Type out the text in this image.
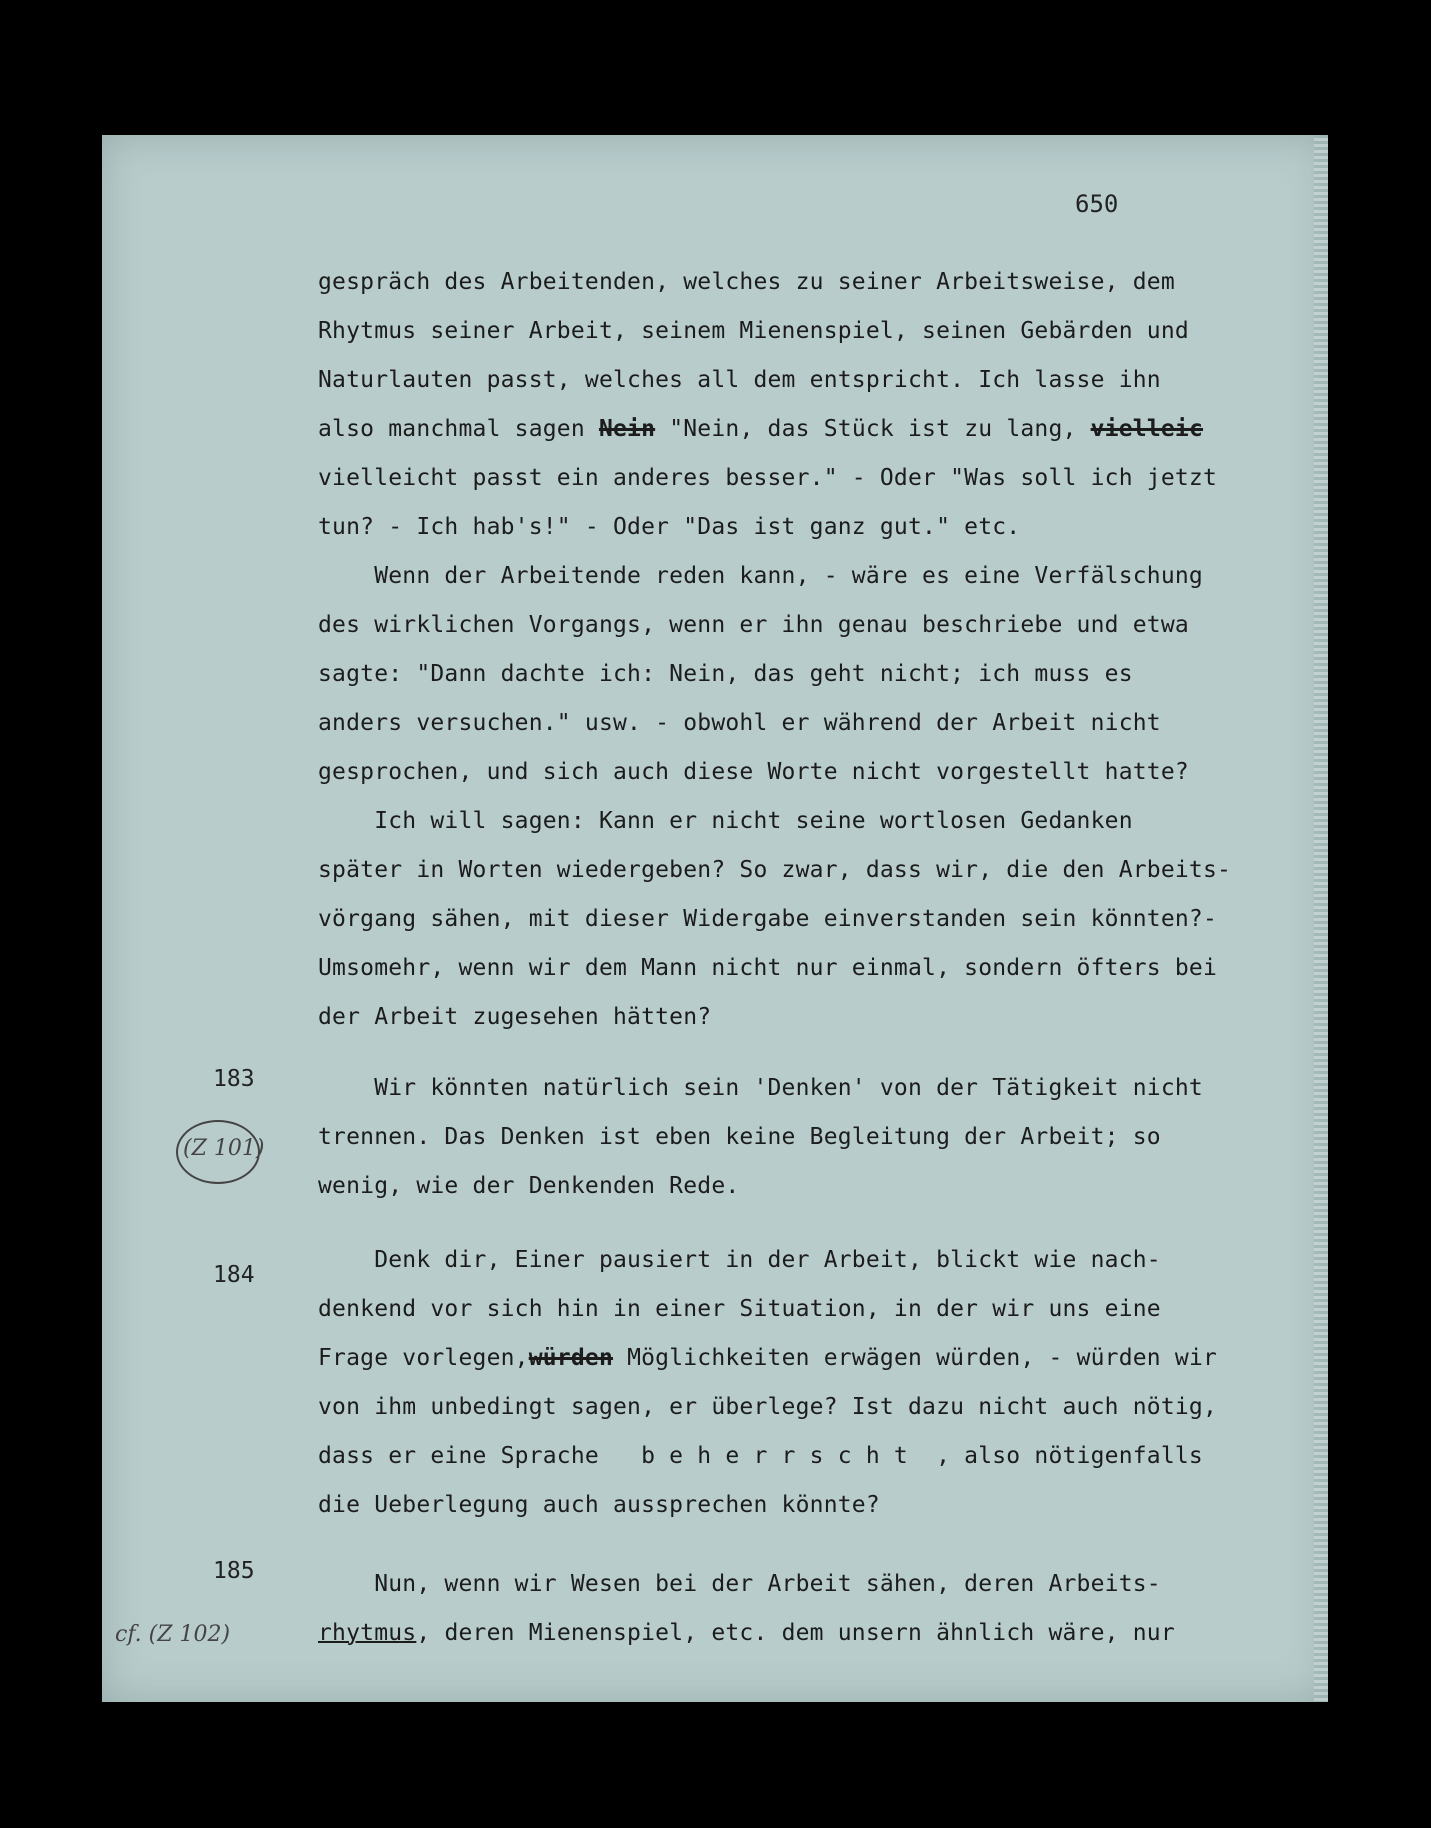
650
gespräch des Arbeitenden, welches zu seiner Arbeitsweise, dem
Rhytmus seiner Arbeit, seinem Mienenspiel, seinen Gebärden und
Naturlauten passt, welches all dem entspricht. Ich lasse ihn
also manchmal sagen Nein "Nein, das Stück ist zu lang, vielleic
vielleicht passt ein anderes besser." - Oder "Was soll ich jetzt
tun? - Ich hab's!" - Oder "Das ist ganz gut." etc.
Wenn der Arbeitende reden kann, - wäre es eine Verfälschung
des wirklichen Vorgangs, wenn er ihn genau beschriebe und etwa
sagte: "Dann dachte ich: Nein, das geht nicht; ich muss es
anders versuchen." usw. - obwohl er während der Arbeit nicht
gesprochen, und sich auch diese Worte nicht vorgestellt hatte?
Ich will sagen: Kann er nicht seine wortlosen Gedanken
später in Worten wiedergeben? So zwar, dass wir, die den Arbeits-
vörgang sähen, mit dieser Widergabe einverstanden sein könnten?-
Umsomehr, wenn wir dem Mann nicht nur einmal, sondern öfters bei
der Arbeit zugesehen hätten?
Wir könnten natürlich sein 'Denken' von der Tätigkeit nicht
trennen. Das Denken ist eben keine Begleitung der Arbeit; so
wenig, wie der Denkenden Rede.
Denk dir, Einer pausiert in der Arbeit, blickt wie nach-
denkend vor sich hin in einer Situation, in der wir uns eine
Frage vorlegen,würden Möglichkeiten erwägen würden, - würden wir
von ihm unbedingt sagen, er überlege? Ist dazu nicht auch nötig,
dass er eine Sprache   b e h e r r s c h t  , also nötigenfalls
die Ueberlegung auch aussprechen könnte?
Nun, wenn wir Wesen bei der Arbeit sähen, deren Arbeits-
rhytmus, deren Mienenspiel, etc. dem unsern ähnlich wäre, nur
183
(Z 101)
184
185
cf. (Z 102)
